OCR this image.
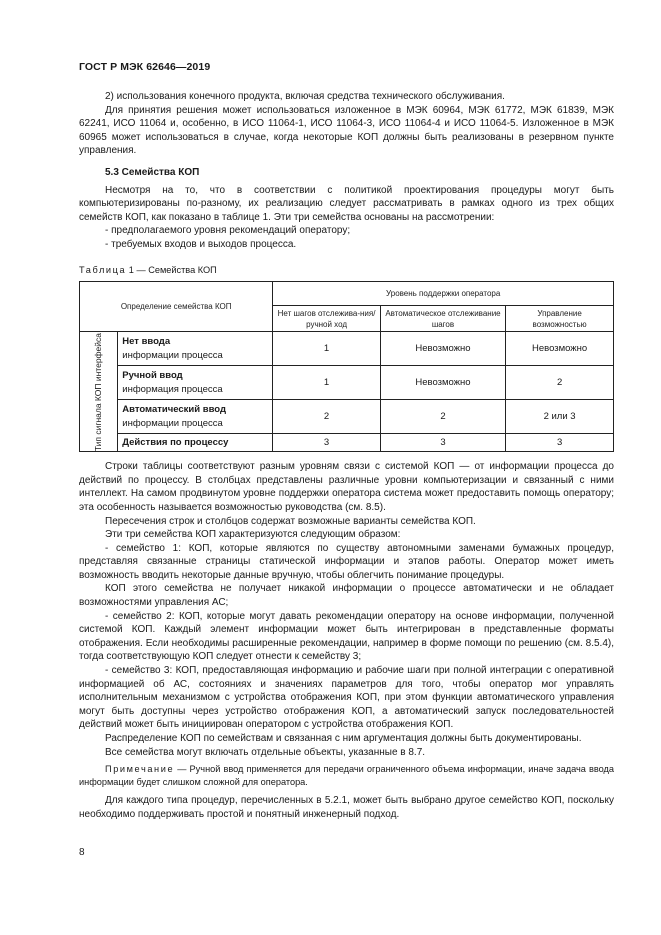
ГОСТ Р МЭК 62646—2019

2) использования конечного продукта, включая средства технического обслуживания.

Для принятия решения может использоваться изложенное в МЭК 60964, МЭК 61772, МЭК 61839, МЭК 62241, ИСО 11064 и, особенно, в ИСО 11064-1, ИСО 11064-3, ИСО 11064-4 и ИСО 11064-5. Изложенное в МЭК 60965 может использоваться в случае, когда некоторые КОП должны быть реализованы в резервном пункте управления.

5.3 Семейства КОП

Несмотря на то, что в соответствии с политикой проектирования процедуры могут быть компьютеризированы по-разному, их реализацию следует рассматривать в рамках одного из трех общих семейств КОП, как показано в таблице 1. Эти три семейства основаны на рассмотрении:

- предполагаемого уровня рекомендаций оператору;

- требуемых входов и выходов процесса.

Таблица 1 — Семейства КОП
Определение семейства КОП		Уровень поддержки оператора		
		Нет шагов отслежива-ния/ручной ход	Автоматическое отслеживание шагов	Управление возможностью

Тип сигнала КОП интерфейса	Нет ввода
информации процесса	1	Невозможно	Невозможно

	Ручной ввод
информация процесса	1	Невозможно	2

	Автоматический ввод
информации процесса	2	2	2 или 3

	Действия по процессу	3	3	3

Строки таблицы соответствуют разным уровням связи с системой КОП — от информации процесса до действий по процессу. В столбцах представлены различные уровни компьютеризации и связанный с ними интеллект. На самом продвинутом уровне поддержки оператора система может предоставить помощь оператору; эта особенность называется возможностью руководства (см. 8.5).

Пересечения строк и столбцов содержат возможные варианты семейства КОП.

Эти три семейства КОП характеризуются следующим образом:

- семейство 1: КОП, которые являются по существу автономными заменами бумажных процедур, представляя связанные страницы статической информации и этапов работы. Оператор может иметь возможность вводить некоторые данные вручную, чтобы облегчить понимание процедуры.

КОП этого семейства не получает никакой информации о процессе автоматически и не обладает возможностями управления АС;

- семейство 2: КОП, которые могут давать рекомендации оператору на основе информации, полученной системой КОП. Каждый элемент информации может быть интегрирован в представленные форматы отображения. Если необходимы расширенные рекомендации, например в форме помощи по решению (см. 8.5.4), тогда соответствующую КОП следует отнести к семейству 3;

- семейство 3: КОП, предоставляющая информацию и рабочие шаги при полной интеграции с оперативной информацией об АС, состояниях и значениях параметров для того, чтобы оператор мог управлять исполнительным механизмом с устройства отображения КОП, при этом функции автоматического управления могут быть доступны через устройство отображения КОП, а автоматический запуск последовательностей действий может быть инициирован оператором с устройства отображения КОП.

Распределение КОП по семействам и связанная с ним аргументация должны быть документированы.

Все семейства могут включать отдельные объекты, указанные в 8.7.

Примечание — Ручной ввод применяется для передачи ограниченного объема информации, иначе задача ввода информации будет слишком сложной для оператора.

Для каждого типа процедур, перечисленных в 5.2.1, может быть выбрано другое семейство КОП, поскольку необходимо поддерживать простой и понятный инженерный подход.

8
